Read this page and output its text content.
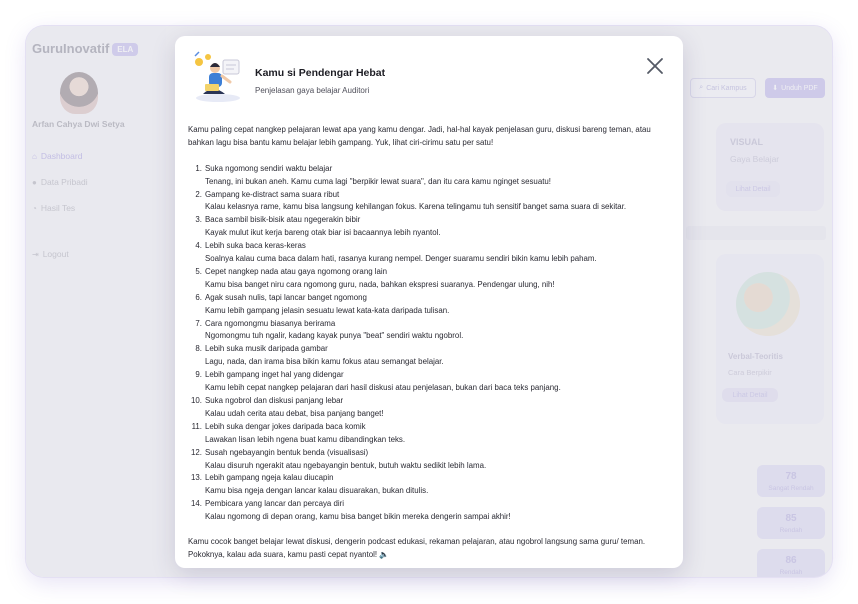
Kamu si Pendengar Hebat
Penjelasan gaya belajar Auditori

Kamu paling cepat nangkep pelajaran lewat apa yang kamu dengar. Jadi, hal-hal kayak penjelasan guru, diskusi bareng teman, atau bahkan lagu bisa bantu kamu belajar lebih gampang. Yuk, lihat ciri-cirimu satu per satu!

1. Suka ngomong sendiri waktu belajar
Tenang, ini bukan aneh. Kamu cuma lagi "berpikir lewat suara", dan itu cara kamu nginget sesuatu!
2. Gampang ke-distract sama suara ribut
Kalau kelasnya rame, kamu bisa langsung kehilangan fokus. Karena telingamu tuh sensitif banget sama suara di sekitar.
3. Baca sambil bisik-bisik atau ngegerakin bibir
Kayak mulut ikut kerja bareng otak biar isi bacaannya lebih nyantol.
4. Lebih suka baca keras-keras
Soalnya kalau cuma baca dalam hati, rasanya kurang nempel. Denger suaramu sendiri bikin kamu lebih paham.
5. Cepet nangkep nada atau gaya ngomong orang lain
Kamu bisa banget niru cara ngomong guru, nada, bahkan ekspresi suaranya. Pendengar ulung, nih!
6. Agak susah nulis, tapi lancar banget ngomong
Kamu lebih gampang jelasin sesuatu lewat kata-kata daripada tulisan.
7. Cara ngomongmu biasanya berirama
Ngomongmu tuh ngalir, kadang kayak punya "beat" sendiri waktu ngobrol.
8. Lebih suka musik daripada gambar
Lagu, nada, dan irama bisa bikin kamu fokus atau semangat belajar.
9. Lebih gampang inget hal yang didengar
Kamu lebih cepat nangkep pelajaran dari hasil diskusi atau penjelasan, bukan dari baca teks panjang.
10. Suka ngobrol dan diskusi panjang lebar
Kalau udah cerita atau debat, bisa panjang banget!
11. Lebih suka dengar jokes daripada baca komik
Lawakan lisan lebih ngena buat kamu dibandingkan teks.
12. Susah ngebayangin bentuk benda (visualisasi)
Kalau disuruh ngerakit atau ngebayangin bentuk, butuh waktu sedikit lebih lama.
13. Lebih gampang ngeja kalau diucapin
Kamu bisa ngeja dengan lancar kalau disuarakan, bukan ditulis.
14. Pembicara yang lancar dan percaya diri
Kalau ngomong di depan orang, kamu bisa banget bikin mereka dengerin sampai akhir!

Kamu cocok banget belajar lewat diskusi, dengerin podcast edukasi, rekaman pelajaran, atau ngobrol langsung sama guru/ teman. Pokoknya, kalau ada suara, kamu pasti cepat nyantol! 🔈
